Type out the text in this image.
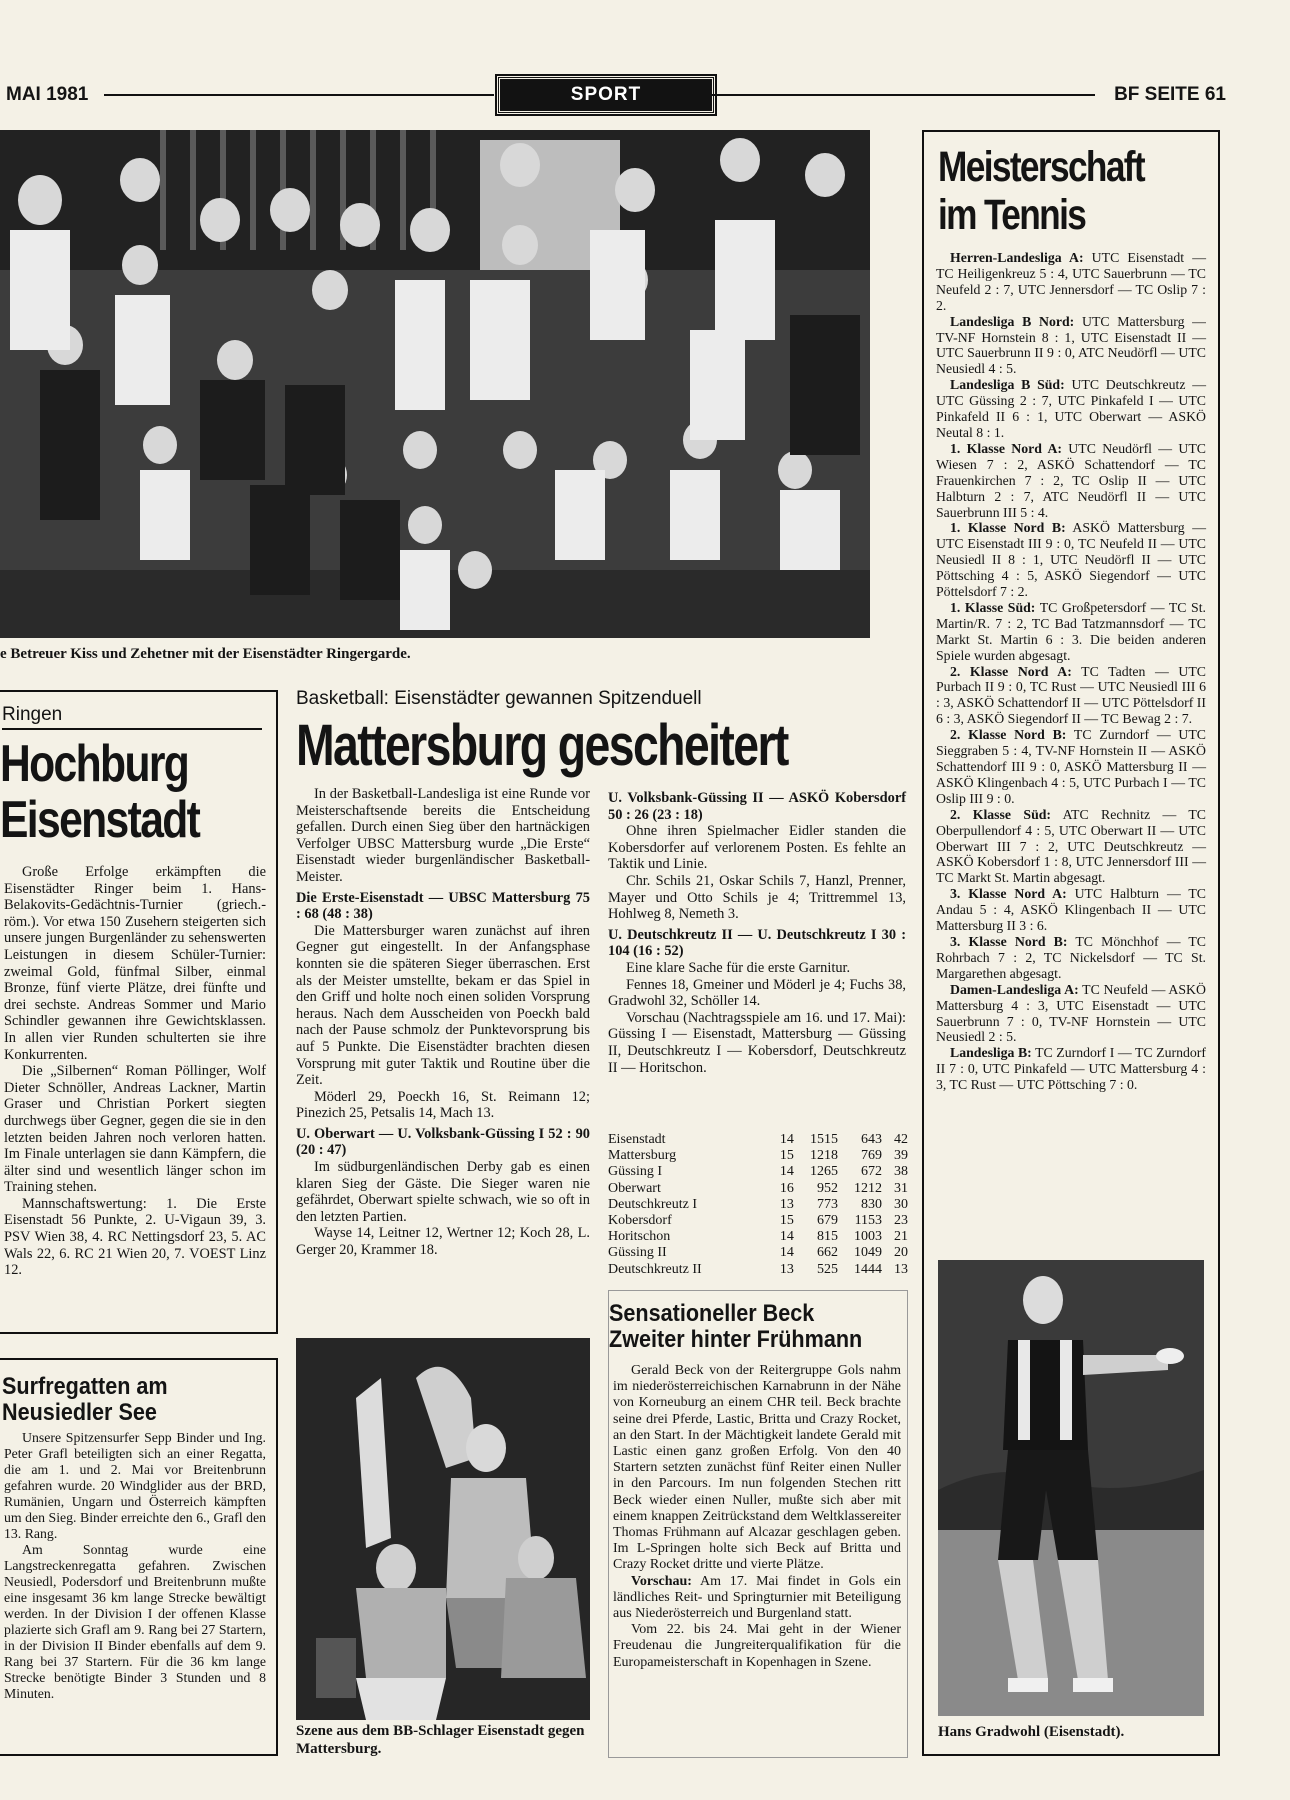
MAI 1981	SPORT	BF SEITE 61
e Betreuer Kiss und Zehetner mit der Eisenstädter Ringergarde.
Meisterschaft
im Tennis

Herren-Landesliga A: UTC Eisenstadt — TC Heiligenkreuz 5 : 4, UTC Sauerbrunn — TC Neufeld 2 : 7, UTC Jennersdorf — TC Oslip 7 : 2.

Landesliga B Nord: UTC Mattersburg — TV-NF Hornstein 8 : 1, UTC Eisenstadt II — UTC Sauerbrunn II 9 : 0, ATC Neudörfl — UTC Neusiedl 4 : 5.

Landesliga B Süd: UTC Deutschkreutz — UTC Güssing 2 : 7, UTC Pinkafeld I — UTC Pinkafeld II 6 : 1, UTC Oberwart — ASKÖ Neutal 8 : 1.

1. Klasse Nord A: UTC Neudörfl — UTC Wiesen 7 : 2, ASKÖ Schattendorf — TC Frauenkirchen 7 : 2, TC Oslip II — UTC Halbturn 2 : 7, ATC Neudörfl II — UTC Sauerbrunn III 5 : 4.

1. Klasse Nord B: ASKÖ Mattersburg — UTC Eisenstadt III 9 : 0, TC Neufeld II — UTC Neusiedl II 8 : 1, UTC Neudörfl II — UTC Pöttsching 4 : 5, ASKÖ Siegendorf — UTC Pöttelsdorf 7 : 2.

1. Klasse Süd: TC Großpetersdorf — TC St. Martin/R. 7 : 2, TC Bad Tatzmannsdorf — TC Markt St. Martin 6 : 3. Die beiden anderen Spiele wurden abgesagt.

2. Klasse Nord A: TC Tadten — UTC Purbach II 9 : 0, TC Rust — UTC Neusiedl III 6 : 3, ASKÖ Schattendorf II — UTC Pöttelsdorf II 6 : 3, ASKÖ Siegendorf II — TC Bewag 2 : 7.

2. Klasse Nord B: TC Zurndorf — UTC Sieggraben 5 : 4, TV-NF Hornstein II — ASKÖ Schattendorf III 9 : 0, ASKÖ Mattersburg II — ASKÖ Klingenbach 4 : 5, UTC Purbach I — TC Oslip III 9 : 0.

2. Klasse Süd: ATC Rechnitz — TC Oberpullendorf 4 : 5, UTC Oberwart II — UTC Oberwart III 7 : 2, UTC Deutschkreutz — ASKÖ Kobersdorf 1 : 8, UTC Jennersdorf III — TC Markt St. Martin abgesagt.

3. Klasse Nord A: UTC Halbturn — TC Andau 5 : 4, ASKÖ Klingenbach II — UTC Mattersburg II 3 : 6.

3. Klasse Nord B: TC Mönchhof — TC Rohrbach 7 : 2, TC Nickelsdorf — TC St. Margarethen abgesagt.

Damen-Landesliga A: TC Neufeld — ASKÖ Mattersburg 4 : 3, UTC Eisenstadt — UTC Sauerbrunn 7 : 0, TV-NF Hornstein — UTC Neusiedl 2 : 5.

Landesliga B: TC Zurndorf I — TC Zurndorf II 7 : 0, UTC Pinkafeld — UTC Mattersburg 4 : 3, TC Rust — UTC Pöttsching 7 : 0.

Hans Gradwohl (Eisenstadt).
Ringen
Hochburg
Eisenstadt

Große Erfolge erkämpften die Eisenstädter Ringer beim 1. Hans-Belakovits-Gedächtnis-Turnier (griech.-röm.). Vor etwa 150 Zusehern steigerten sich unsere jungen Burgenländer zu sehenswerten Leistungen in diesem Schüler-Turnier: zweimal Gold, fünfmal Silber, einmal Bronze, fünf vierte Plätze, drei fünfte und drei sechste. Andreas Sommer und Mario Schindler gewannen ihre Gewichtsklassen. In allen vier Runden schulterten sie ihre Konkurrenten.

Die „Silbernen“ Roman Pöllinger, Wolf Dieter Schnöller, Andreas Lackner, Martin Graser und Christian Porkert siegten durchwegs über Gegner, gegen die sie in den letzten beiden Jahren noch verloren hatten. Im Finale unterlagen sie dann Kämpfern, die älter sind und wesentlich länger schon im Training stehen.

Mannschaftswertung: 1. Die Erste Eisenstadt 56 Punkte, 2. U-Vigaun 39, 3. PSV Wien 38, 4. RC Nettingsdorf 23, 5. AC Wals 22, 6. RC 21 Wien 20, 7. VOEST Linz 12.

Surfregatten am
Neusiedler See

Unsere Spitzensurfer Sepp Binder und Ing. Peter Grafl beteiligten sich an einer Regatta, die am 1. und 2. Mai vor Breitenbrunn gefahren wurde. 20 Windglider aus der BRD, Rumänien, Ungarn und Österreich kämpften um den Sieg. Binder erreichte den 6., Grafl den 13. Rang.

Am Sonntag wurde eine Langstreckenregatta gefahren. Zwischen Neusiedl, Podersdorf und Breitenbrunn mußte eine insgesamt 36 km lange Strecke bewältigt werden. In der Division I der offenen Klasse plazierte sich Grafl am 9. Rang bei 27 Startern, in der Division II Binder ebenfalls auf dem 9. Rang bei 37 Startern. Für die 36 km lange Strecke benötigte Binder 3 Stunden und 8 Minuten.

Basketball: Eisenstädter gewannen Spitzenduell
Mattersburg gescheitert

In der Basketball-Landesliga ist eine Runde vor Meisterschaftsende bereits die Entscheidung gefallen. Durch einen Sieg über den hartnäckigen Verfolger UBSC Mattersburg wurde „Die Erste“ Eisenstadt wieder burgenländischer Basketball-Meister.

Die Erste-Eisenstadt — UBSC Mattersburg 75 : 68 (48 : 38)

Die Mattersburger waren zunächst auf ihren Gegner gut eingestellt. In der Anfangsphase konnten sie die späteren Sieger überraschen. Erst als der Meister umstellte, bekam er das Spiel in den Griff und holte noch einen soliden Vorsprung heraus. Nach dem Ausscheiden von Poeckh bald nach der Pause schmolz der Punktevorsprung bis auf 5 Punkte. Die Eisenstädter brachten diesen Vorsprung mit guter Taktik und Routine über die Zeit.

Möderl 29, Poeckh 16, St. Reimann 12; Pinezich 25, Petsalis 14, Mach 13.

U. Oberwart — U. Volksbank-Güssing I 52 : 90 (20 : 47)

Im südburgenländischen Derby gab es einen klaren Sieg der Gäste. Die Sieger waren nie gefährdet, Oberwart spielte schwach, wie so oft in den letzten Partien.

Wayse 14, Leitner 12, Wertner 12; Koch 28, L. Gerger 20, Krammer 18.

U. Volksbank-Güssing II — ASKÖ Kobersdorf 50 : 26 (23 : 18)

Ohne ihren Spielmacher Eidler standen die Kobersdorfer auf verlorenem Posten. Es fehlte an Taktik und Linie.

Chr. Schils 21, Oskar Schils 7, Hanzl, Prenner, Mayer und Otto Schils je 4; Trittremmel 13, Hohlweg 8, Nemeth 3.

U. Deutschkreutz II — U. Deutschkreutz I 30 : 104 (16 : 52)

Eine klare Sache für die erste Garnitur.

Fennes 18, Gmeiner und Möderl je 4; Fuchs 38, Gradwohl 32, Schöller 14.

Vorschau (Nachtragsspiele am 16. und 17. Mai): Güssing I — Eisenstadt, Mattersburg — Güssing II, Deutschkreutz I — Kobersdorf, Deutschkreutz II — Horitschon.

Eisenstadt	14	1515	643	42
Mattersburg	15	1218	769	39
Güssing I	14	1265	672	38
Oberwart	16	952	1212	31
Deutschkreutz I	13	773	830	30
Kobersdorf	15	679	1153	23
Horitschon	14	815	1003	21
Güssing II	14	662	1049	20
Deutschkreutz II	13	525	1444	13
Szene aus dem BB-Schlager Eisenstadt gegen Mattersburg.
Sensationeller Beck
Zweiter hinter Frühmann

Gerald Beck von der Reitergruppe Gols nahm im niederösterreichischen Karnabrunn in der Nähe von Korneuburg an einem CHR teil. Beck brachte seine drei Pferde, Lastic, Britta und Crazy Rocket, an den Start. In der Mächtigkeit landete Gerald mit Lastic einen ganz großen Erfolg. Von den 40 Startern setzten zunächst fünf Reiter einen Nuller in den Parcours. Im nun folgenden Stechen ritt Beck wieder einen Nuller, mußte sich aber mit einem knappen Zeitrückstand dem Weltklassereiter Thomas Frühmann auf Alcazar geschlagen geben. Im L-Springen holte sich Beck auf Britta und Crazy Rocket dritte und vierte Plätze.

Vorschau: Am 17. Mai findet in Gols ein ländliches Reit- und Springturnier mit Beteiligung aus Niederösterreich und Burgenland statt.

Vom 22. bis 24. Mai geht in der Wiener Freudenau die Jungreiterqualifikation für die Europameisterschaft in Kopenhagen in Szene.
